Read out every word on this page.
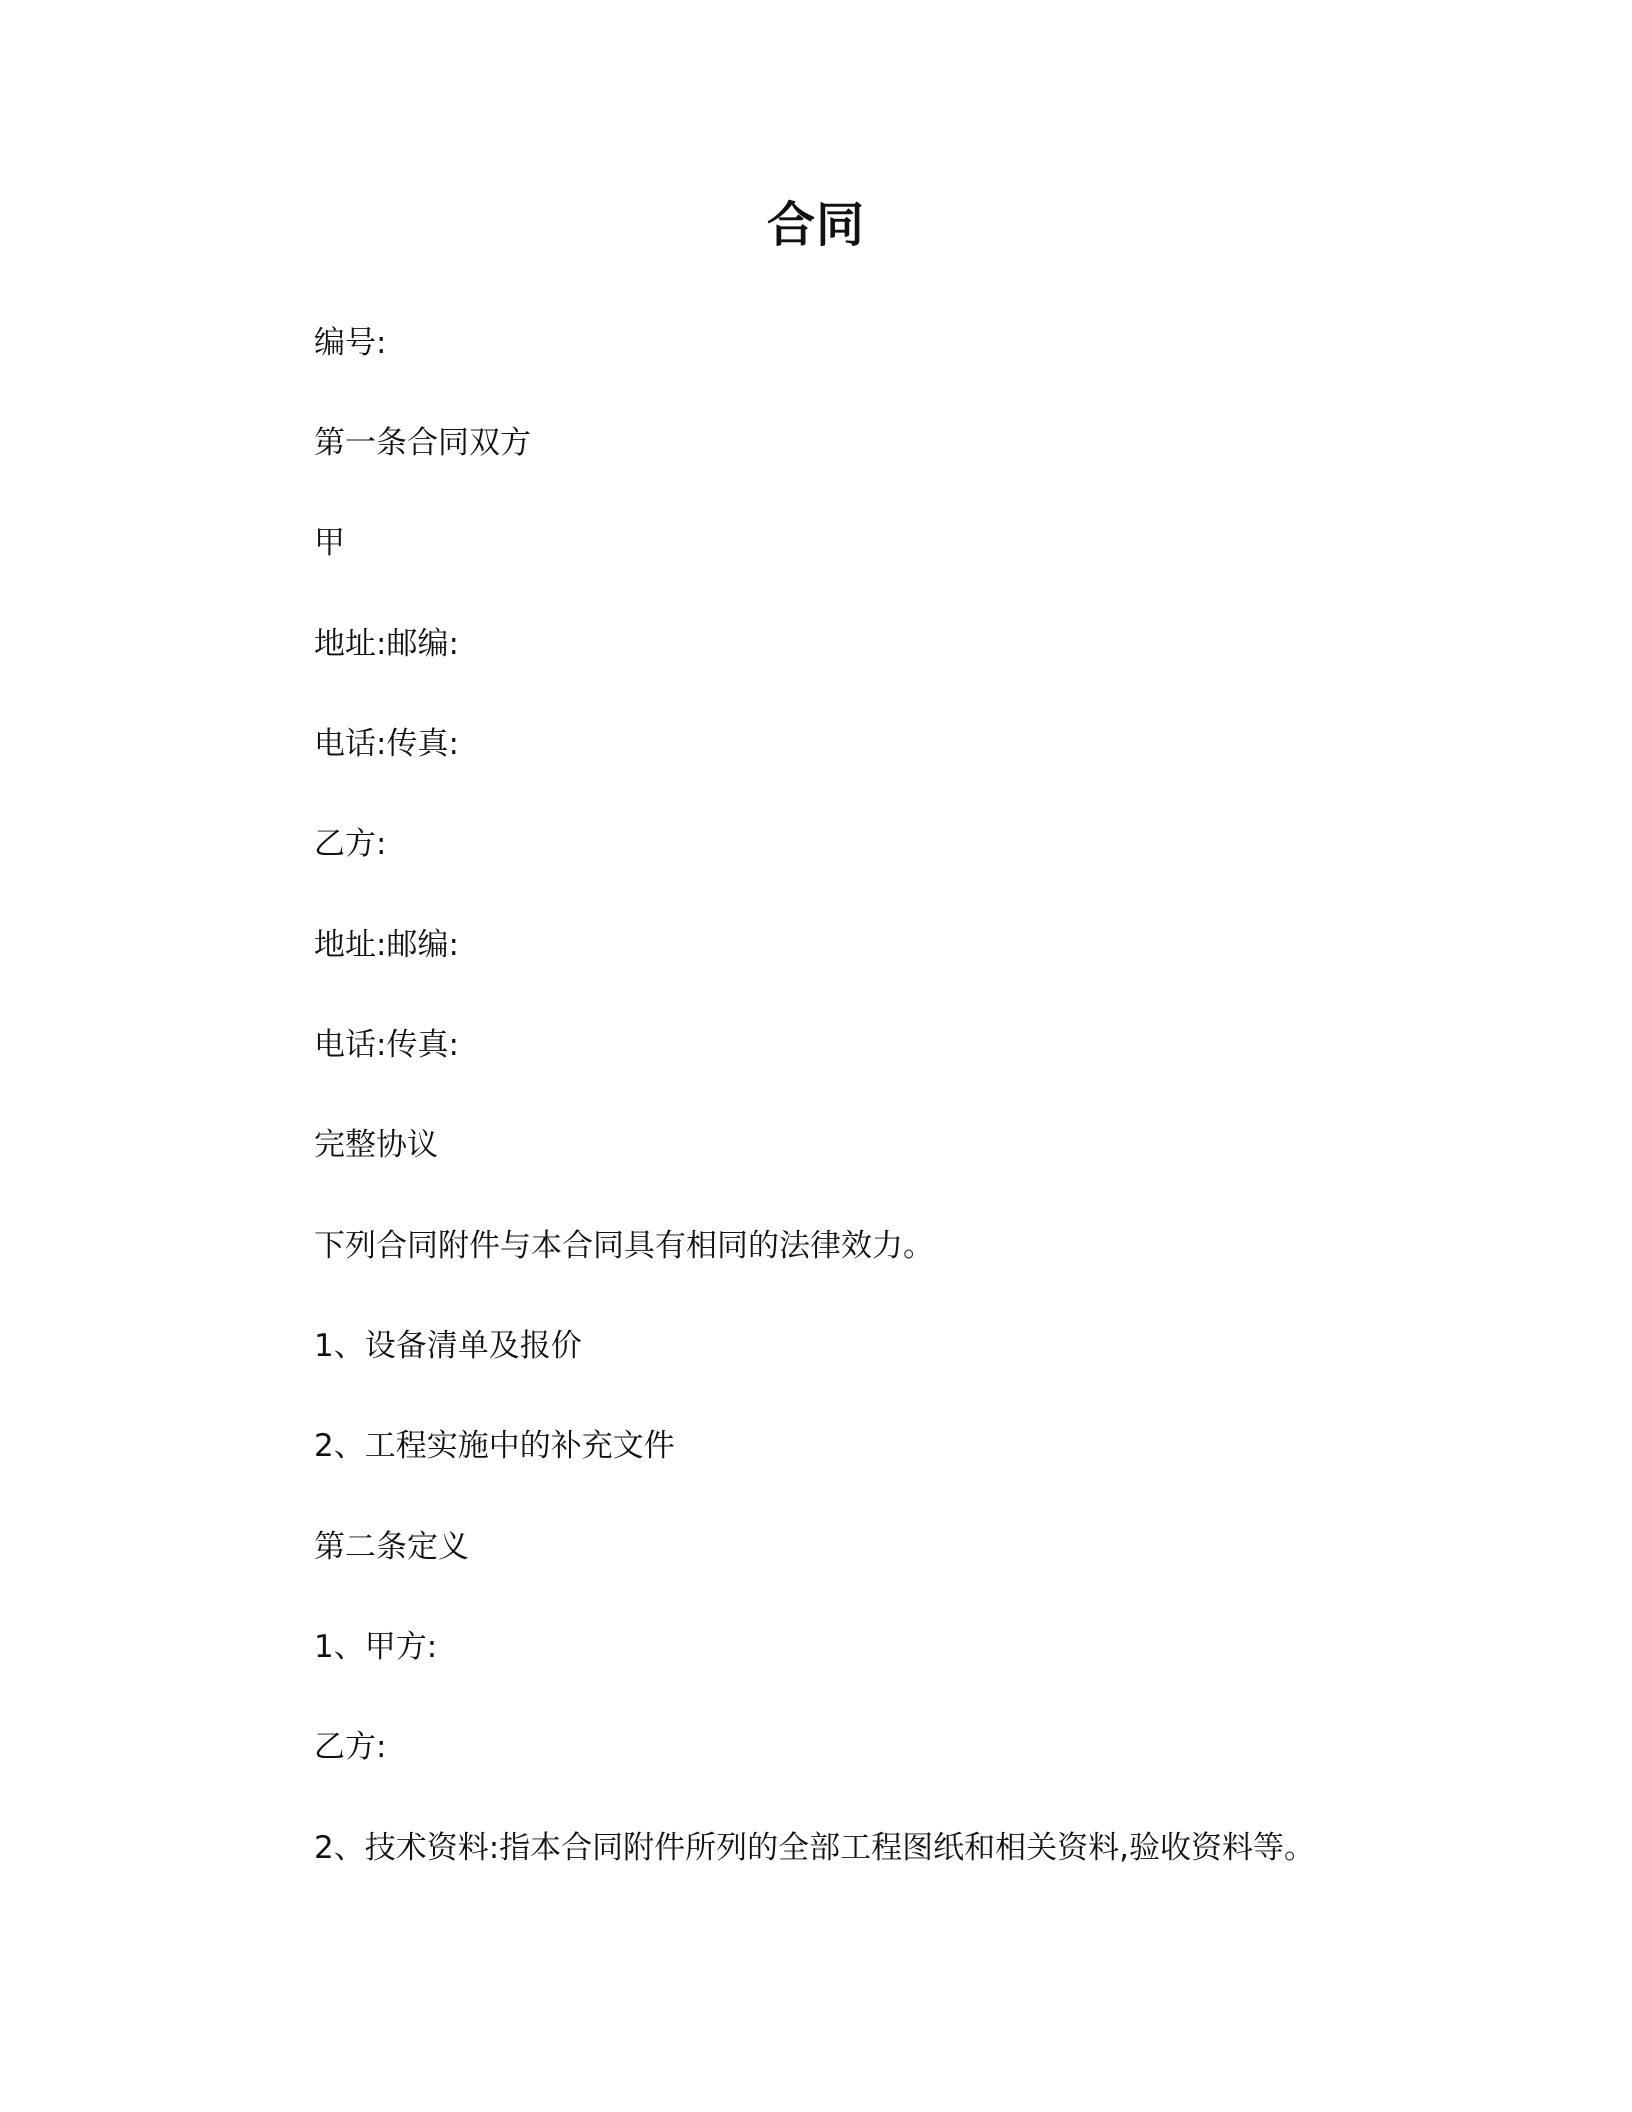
合同

编号:

第一条合同双方

甲

地址:邮编:

电话:传真:

乙方:

地址:邮编:

电话:传真:

完整协议

下列合同附件与本合同具有相同的法律效力。

1、设备清单及报价

2、工程实施中的补充文件

第二条定义

1、甲方:

乙方:

2、技术资料:指本合同附件所列的全部工程图纸和相关资料,验收资料等。
